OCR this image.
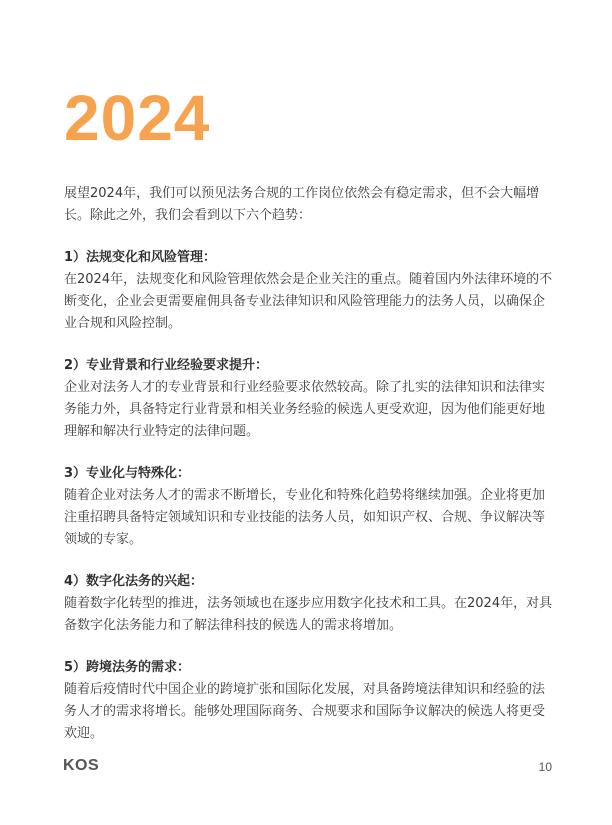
2024

展望2024年，我们可以预见法务合规的工作岗位依然会有稳定需求，但不会大幅增长。除此之外，我们会看到以下六个趋势：

1）法规变化和风险管理：

在2024年，法规变化和风险管理依然会是企业关注的重点。随着国内外法律环境的不断变化，企业会更需要雇佣具备专业法律知识和风险管理能力的法务人员，以确保企业合规和风险控制。

2）专业背景和行业经验要求提升：

企业对法务人才的专业背景和行业经验要求依然较高。除了扎实的法律知识和法律实务能力外，具备特定行业背景和相关业务经验的候选人更受欢迎，因为他们能更好地理解和解决行业特定的法律问题。

3）专业化与特殊化：

随着企业对法务人才的需求不断增长，专业化和特殊化趋势将继续加强。企业将更加注重招聘具备特定领域知识和专业技能的法务人员，如知识产权、合规、争议解决等领域的专家。

4）数字化法务的兴起：

随着数字化转型的推进，法务领域也在逐步应用数字化技术和工具。在2024年，对具备数字化法务能力和了解法律科技的候选人的需求将增加。

5）跨境法务的需求：

随着后疫情时代中国企业的跨境扩张和国际化发展，对具备跨境法律知识和经验的法务人才的需求将增长。能够处理国际商务、合规要求和国际争议解决的候选人将更受欢迎。

KOS	10
